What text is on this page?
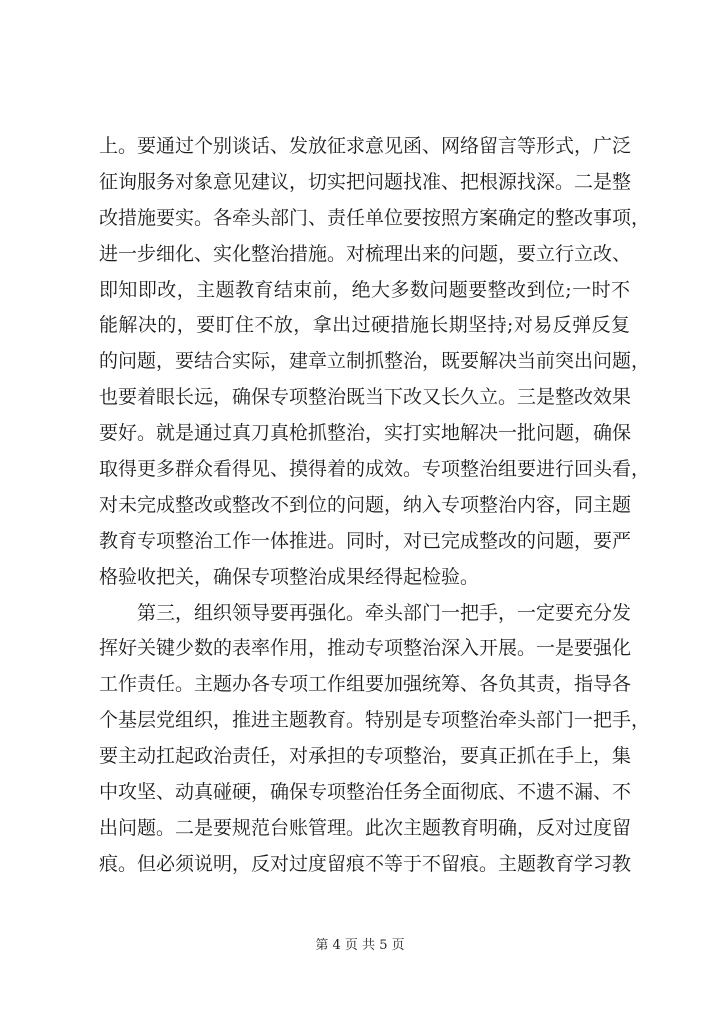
上。要通过个别谈话、发放征求意见函、网络留言等形式，广泛
征询服务对象意见建议，切实把问题找准、把根源找深。二是整
改措施要实。各牵头部门、责任单位要按照方案确定的整改事项，
进一步细化、实化整治措施。对梳理出来的问题，要立行立改、
即知即改，主题教育结束前，绝大多数问题要整改到位;一时不
能解决的，要盯住不放，拿出过硬措施长期坚持;对易反弹反复
的问题，要结合实际，建章立制抓整治，既要解决当前突出问题，
也要着眼长远，确保专项整治既当下改又长久立。三是整改效果
要好。就是通过真刀真枪抓整治，实打实地解决一批问题，确保
取得更多群众看得见、摸得着的成效。专项整治组要进行回头看，
对未完成整改或整改不到位的问题，纳入专项整治内容，同主题
教育专项整治工作一体推进。同时，对已完成整改的问题，要严
格验收把关，确保专项整治成果经得起检验。
第三，组织领导要再强化。牵头部门一把手，一定要充分发
挥好关键少数的表率作用，推动专项整治深入开展。一是要强化
工作责任。主题办各专项工作组要加强统筹、各负其责，指导各
个基层党组织，推进主题教育。特别是专项整治牵头部门一把手，
要主动扛起政治责任，对承担的专项整治，要真正抓在手上，集
中攻坚、动真碰硬，确保专项整治任务全面彻底、不遗不漏、不
出问题。二是要规范台账管理。此次主题教育明确，反对过度留
痕。但必须说明，反对过度留痕不等于不留痕。主题教育学习教
第 4 页 共 5 页
